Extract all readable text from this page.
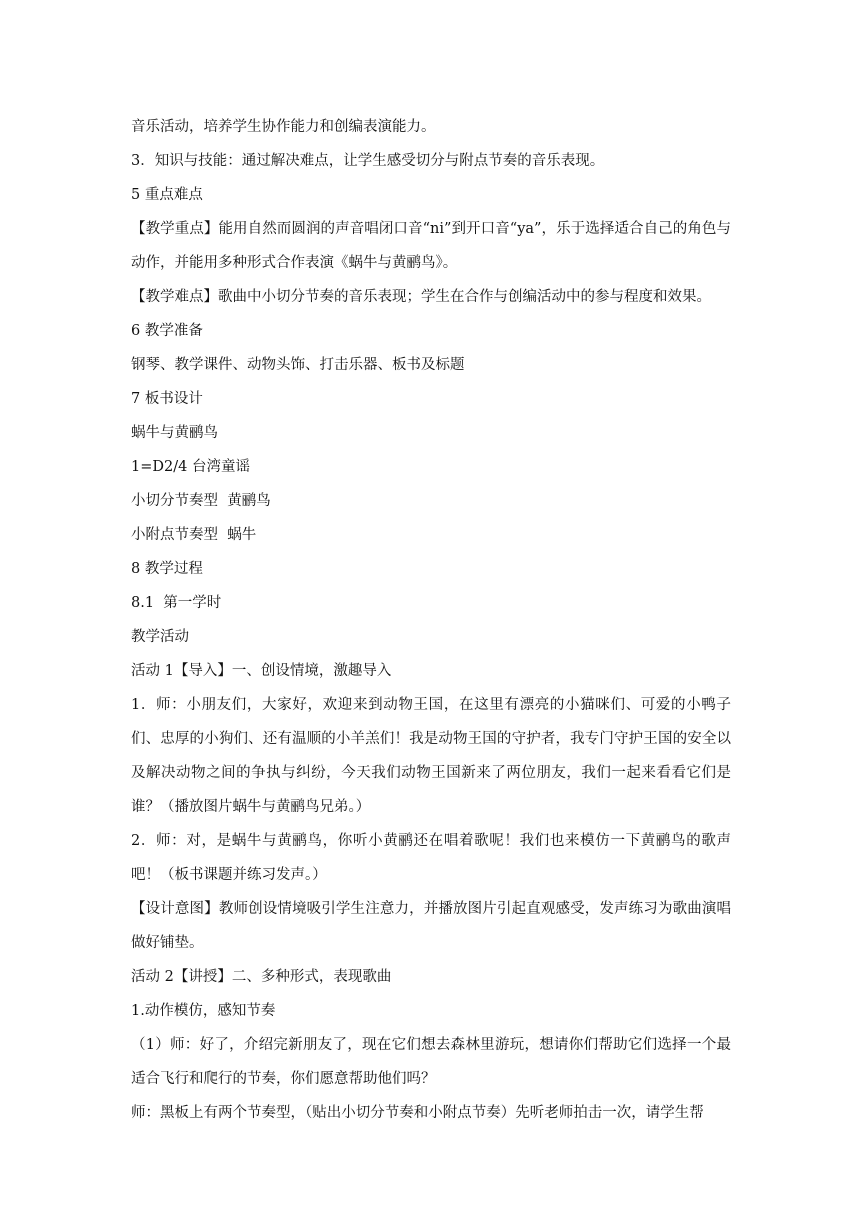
音乐活动，培养学生协作能力和创编表演能力。

3．知识与技能：通过解决难点，让学生感受切分与附点节奏的音乐表现。

5 重点难点

【教学重点】能用自然而圆润的声音唱闭口音“ni”到开口音“ya”，乐于选择适合自己的角色与动作，并能用多种形式合作表演《蜗牛与黄鹂鸟》。

【教学难点】歌曲中小切分节奏的音乐表现；学生在合作与创编活动中的参与程度和效果。

6 教学准备

钢琴、教学课件、动物头饰、打击乐器、板书及标题

7 板书设计

蜗牛与黄鹂鸟

1=D2/4 台湾童谣

小切分节奏型  黄鹂鸟

小附点节奏型  蜗牛

8 教学过程

8.1  第一学时

教学活动

活动 1【导入】一、创设情境，激趣导入

1．师：小朋友们，大家好，欢迎来到动物王国，在这里有漂亮的小猫咪们、可爱的小鸭子们、忠厚的小狗们、还有温顺的小羊羔们！我是动物王国的守护者，我专门守护王国的安全以及解决动物之间的争执与纠纷，今天我们动物王国新来了两位朋友，我们一起来看看它们是谁？（播放图片蜗牛与黄鹂鸟兄弟。）

2．师：对，是蜗牛与黄鹂鸟，你听小黄鹂还在唱着歌呢！我们也来模仿一下黄鹂鸟的歌声吧！（板书课题并练习发声。）

【设计意图】教师创设情境吸引学生注意力，并播放图片引起直观感受，发声练习为歌曲演唱做好铺垫。

活动 2【讲授】二、多种形式，表现歌曲

1.动作模仿，感知节奏

（1）师：好了，介绍完新朋友了，现在它们想去森林里游玩，想请你们帮助它们选择一个最适合飞行和爬行的节奏，你们愿意帮助他们吗？

师：黑板上有两个节奏型，（贴出小切分节奏和小附点节奏）先听老师拍击一次，请学生帮
